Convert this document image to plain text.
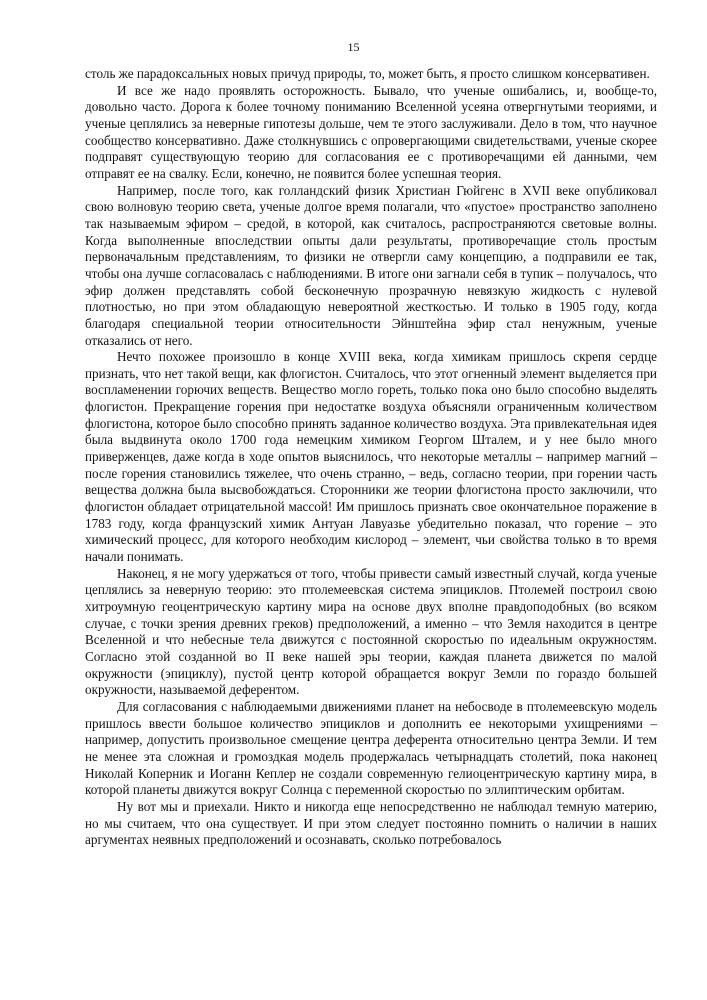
15

столь же парадоксальных новых причуд природы, то, может быть, я просто слишком консервативен.

И все же надо проявлять осторожность. Бывало, что ученые ошибались, и, вообще-то, довольно часто. Дорога к более точному пониманию Вселенной усеяна отвергнутыми теориями, и ученые цеплялись за неверные гипотезы дольше, чем те этого заслуживали. Дело в том, что научное сообщество консервативно. Даже столкнувшись с опровергающими свидетельствами, ученые скорее подправят существующую теорию для согласования ее с противоречащими ей данными, чем отправят ее на свалку. Если, конечно, не появится более успешная теория.

Например, после того, как голландский физик Христиан Гюйгенс в XVII веке опубликовал свою волновую теорию света, ученые долгое время полагали, что «пустое» пространство заполнено так называемым эфиром – средой, в которой, как считалось, распространяются световые волны. Когда выполненные впоследствии опыты дали результаты, противоречащие столь простым первоначальным представлениям, то физики не отвергли саму концепцию, а подправили ее так, чтобы она лучше согласовалась с наблюдениями. В итоге они загнали себя в тупик – получалось, что эфир должен представлять собой бесконечную прозрачную невязкую жидкость с нулевой плотностью, но при этом обладающую невероятной жесткостью. И только в 1905 году, когда благодаря специальной теории относительности Эйнштейна эфир стал ненужным, ученые отказались от него.

Нечто похожее произошло в конце XVIII века, когда химикам пришлось скрепя сердце признать, что нет такой вещи, как флогистон. Считалось, что этот огненный элемент выделяется при воспламенении горючих веществ. Вещество могло гореть, только пока оно было способно выделять флогистон. Прекращение горения при недостатке воздуха объясняли ограниченным количеством флогистона, которое было способно принять заданное количество воздуха. Эта привлекательная идея была выдвинута около 1700 года немецким химиком Георгом Шталем, и у нее было много приверженцев, даже когда в ходе опытов выяснилось, что некоторые металлы – например магний – после горения становились тяжелее, что очень странно, – ведь, согласно теории, при горении часть вещества должна была высвобождаться. Сторонники же теории флогистона просто заключили, что флогистон обладает отрицательной массой! Им пришлось признать свое окончательное поражение в 1783 году, когда французский химик Антуан Лавуазье убедительно показал, что горение – это химический процесс, для которого необходим кислород – элемент, чьи свойства только в то время начали понимать.

Наконец, я не могу удержаться от того, чтобы привести самый известный случай, когда ученые цеплялись за неверную теорию: это птолемеевская система эпициклов. Птолемей построил свою хитроумную геоцентрическую картину мира на основе двух вполне правдоподобных (во всяком случае, с точки зрения древних греков) предположений, а именно – что Земля находится в центре Вселенной и что небесные тела движутся с постоянной скоростью по идеальным окружностям. Согласно этой созданной во II веке нашей эры теории, каждая планета движется по малой окружности (эпициклу), пустой центр которой обращается вокруг Земли по гораздо большей окружности, называемой деферентом.

Для согласования с наблюдаемыми движениями планет на небосводе в птолемеевскую модель пришлось ввести большое количество эпициклов и дополнить ее некоторыми ухищрениями – например, допустить произвольное смещение центра деферента относительно центра Земли. И тем не менее эта сложная и громоздкая модель продержалась четырнадцать столетий, пока наконец Николай Коперник и Иоганн Кеплер не создали современную гелиоцентрическую картину мира, в которой планеты движутся вокруг Солнца с переменной скоростью по эллиптическим орбитам.

Ну вот мы и приехали. Никто и никогда еще непосредственно не наблюдал темную материю, но мы считаем, что она существует. И при этом следует постоянно помнить о наличии в наших аргументах неявных предположений и осознавать, сколько потребовалось
